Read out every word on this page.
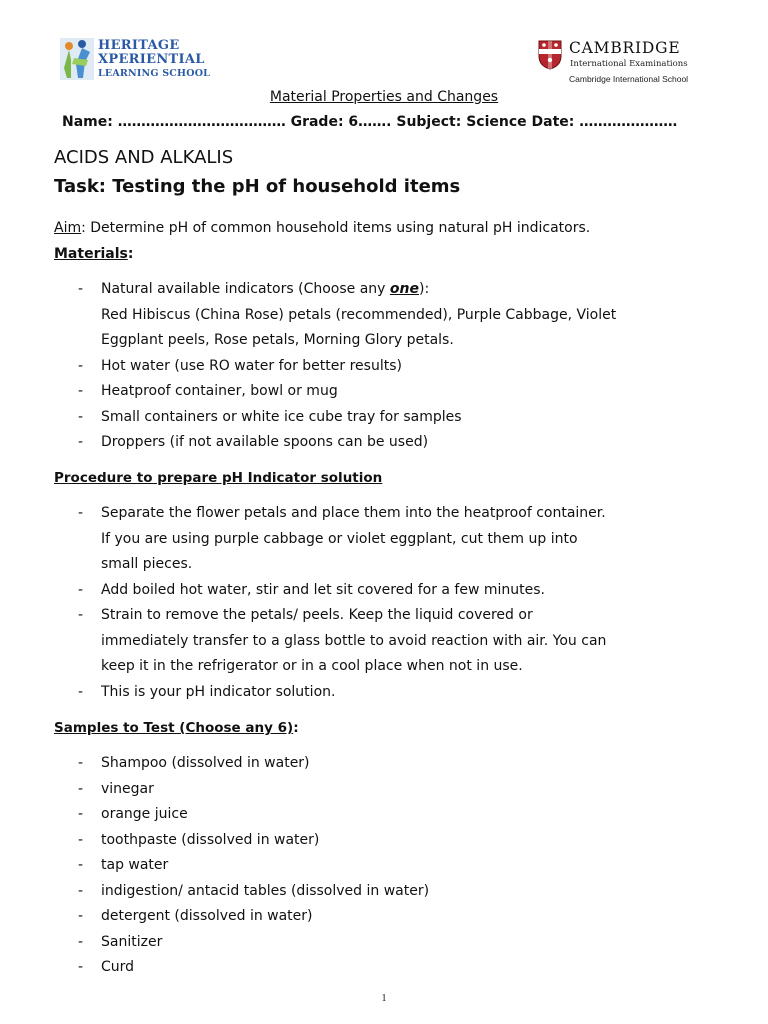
HERITAGE
XPERIENTIAL
LEARNING SCHOOL
CAMBRIDGE
International Examinations
Cambridge International School
Material Properties and Changes
Name: ……………………………… Grade: 6……. Subject: Science Date: …………………
ACIDS AND ALKALIS
Task: Testing the pH of household items
Aim: Determine pH of common household items using natural pH indicators.
Materials:
- Natural available indicators (Choose any one):
Red Hibiscus (China Rose) petals (recommended), Purple Cabbage, Violet
Eggplant peels, Rose petals, Morning Glory petals.
- Hot water (use RO water for better results)
- Heatproof container, bowl or mug
- Small containers or white ice cube tray for samples
- Droppers (if not available spoons can be used)
Procedure to prepare pH Indicator solution
- Separate the flower petals and place them into the heatproof container.
If you are using purple cabbage or violet eggplant, cut them up into
small pieces.
- Add boiled hot water, stir and let sit covered for a few minutes.
- Strain to remove the petals/ peels. Keep the liquid covered or
immediately transfer to a glass bottle to avoid reaction with air. You can
keep it in the refrigerator or in a cool place when not in use.
- This is your pH indicator solution.
Samples to Test (Choose any 6):
- Shampoo (dissolved in water)
- vinegar
- orange juice
- toothpaste (dissolved in water)
- tap water
- indigestion/ antacid tables (dissolved in water)
- detergent (dissolved in water)
- Sanitizer
- Curd
1
